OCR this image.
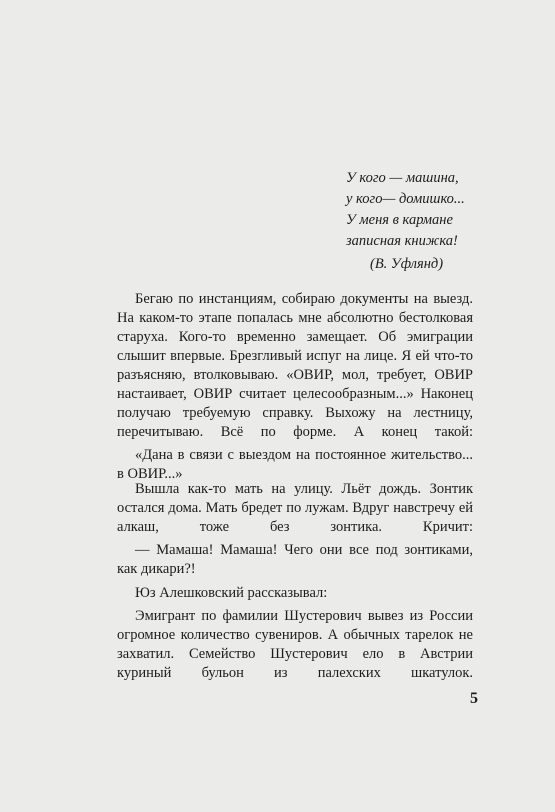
У кого — машина,
у кого— домишко...
У меня в кармане
записная книжка!
(В. Уфлянд)

Бегаю по инстанциям, собираю документы на выезд. На каком-то этапе попалась мне абсолютно бестолковая старуха. Кого-то временно замещает. Об эмиграции слышит впервые. Брезгливый испуг на лице. Я ей что-то разъясняю, втолковываю. «ОВИР, мол, требует, ОВИР настаивает, ОВИР считает целесообразным...» Наконец получаю требуемую справку. Выхожу на лестницу, перечитываю. Всё по форме. А конец такой:

«Дана в связи с выездом на постоянное жительство... в ОВИР...»

Вышла как-то мать на улицу. Льёт дождь. Зонтик остался дома. Мать бредет по лужам. Вдруг навстречу ей алкаш,	тоже без зонтика. Кричит:

— Мамаша! Мамаша! Чего они все под зонтиками, как дикари?!

Юз Алешковский рассказывал:

Эмигрант по фамилии Шустерович вывез из России огромное количество сувениров. А обычных тарелок не захватил. Семейство Шустерович ело в Австрии куриный бульон из палехских шкатулок.

5
